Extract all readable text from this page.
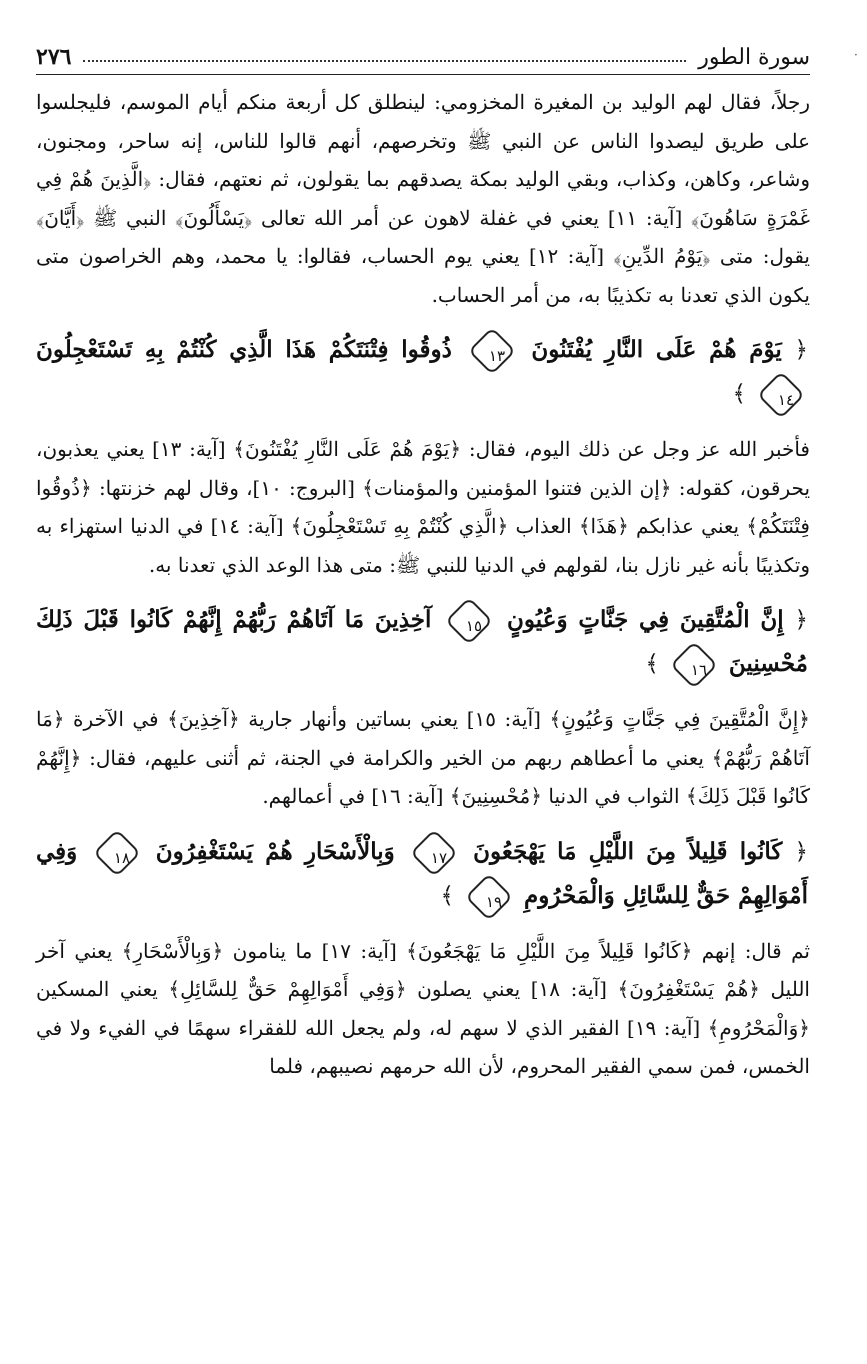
·
سورة الطور
٢٧٦

رجلاً، فقال لهم الوليد بن المغيرة المخزومي: لينطلق كل أربعة منكم أيام الموسم، فليجلسوا على طريق ليصدوا الناس عن النبي ﷺ وتخرصهم، أنهم قالوا للناس، إنه ساحر، ومجنون، وشاعر، وكاهن، وكذاب، وبقي الوليد بمكة يصدقهم بما يقولون، ثم نعتهم، فقال: ﴿الَّذِينَ هُمْ فِي غَمْرَةٍ سَاهُونَ﴾ [آية: ١١] يعني في غفلة لاهون عن أمر الله تعالى ﴿يَسْأَلُونَ﴾ النبي ﷺ ﴿أَيَّانَ﴾ يقول: متى ﴿يَوْمُ الدِّينِ﴾ [آية: ١٢] يعني يوم الحساب، فقالوا: يا محمد، وهم الخراصون متى يكون الذي تعدنا به تكذيبًا به، من أمر الحساب.

﴿ يَوْمَ هُمْ عَلَى النَّارِ يُفْتَنُونَ ١٣ ذُوقُوا فِتْنَتَكُمْ هَذَا الَّذِي كُنْتُمْ بِهِ تَسْتَعْجِلُونَ ١٤ ﴾

فأخبر الله عز وجل عن ذلك اليوم، فقال: ﴿يَوْمَ هُمْ عَلَى النَّارِ يُفْتَنُونَ﴾ [آية: ١٣] يعني يعذبون، يحرقون، كقوله: ﴿إن الذين فتنوا المؤمنين والمؤمنات﴾ [البروج: ١٠]، وقال لهم خزنتها: ﴿ذُوقُوا فِتْنَتَكُمْ﴾ يعني عذابكم ﴿هَذَا﴾ العذاب ﴿الَّذِي كُنْتُمْ بِهِ تَسْتَعْجِلُونَ﴾ [آية: ١٤] في الدنيا استهزاء به وتكذيبًا بأنه غير نازل بنا، لقولهم في الدنيا للنبي ﷺ: متى هذا الوعد الذي تعدنا به.

﴿ إِنَّ الْمُتَّقِينَ فِي جَنَّاتٍ وَعُيُونٍ ١٥ آخِذِينَ مَا آتَاهُمْ رَبُّهُمْ إِنَّهُمْ كَانُوا قَبْلَ ذَلِكَ مُحْسِنِينَ ١٦ ﴾

﴿إِنَّ الْمُتَّقِينَ فِي جَنَّاتٍ وَعُيُونٍ﴾ [آية: ١٥] يعني بساتين وأنهار جارية ﴿آخِذِينَ﴾ في الآخرة ﴿مَا آتَاهُمْ رَبُّهُمْ﴾ يعني ما أعطاهم ربهم من الخير والكرامة في الجنة، ثم أثنى عليهم، فقال: ﴿إِنَّهُمْ كَانُوا قَبْلَ ذَلِكَ﴾ الثواب في الدنيا ﴿مُحْسِنِينَ﴾ [آية: ١٦] في أعمالهم.

﴿ كَانُوا قَلِيلاً مِنَ اللَّيْلِ مَا يَهْجَعُونَ ١٧ وَبِالْأَسْحَارِ هُمْ يَسْتَغْفِرُونَ ١٨ وَفِي أَمْوَالِهِمْ حَقٌّ لِلسَّائِلِ وَالْمَحْرُومِ ١٩ ﴾

ثم قال: إنهم ﴿كَانُوا قَلِيلاً مِنَ اللَّيْلِ مَا يَهْجَعُونَ﴾ [آية: ١٧] ما ينامون ﴿وَبِالْأَسْحَارِ﴾ يعني آخر الليل ﴿هُمْ يَسْتَغْفِرُونَ﴾ [آية: ١٨] يعني يصلون ﴿وَفِي أَمْوَالِهِمْ حَقٌّ لِلسَّائِلِ﴾ يعني المسكين ﴿وَالْمَحْرُومِ﴾ [آية: ١٩] الفقير الذي لا سهم له، ولم يجعل الله للفقراء سهمًا في الفيء ولا في الخمس، فمن سمي الفقير المحروم، لأن الله حرمهم نصيبهم، فلما
